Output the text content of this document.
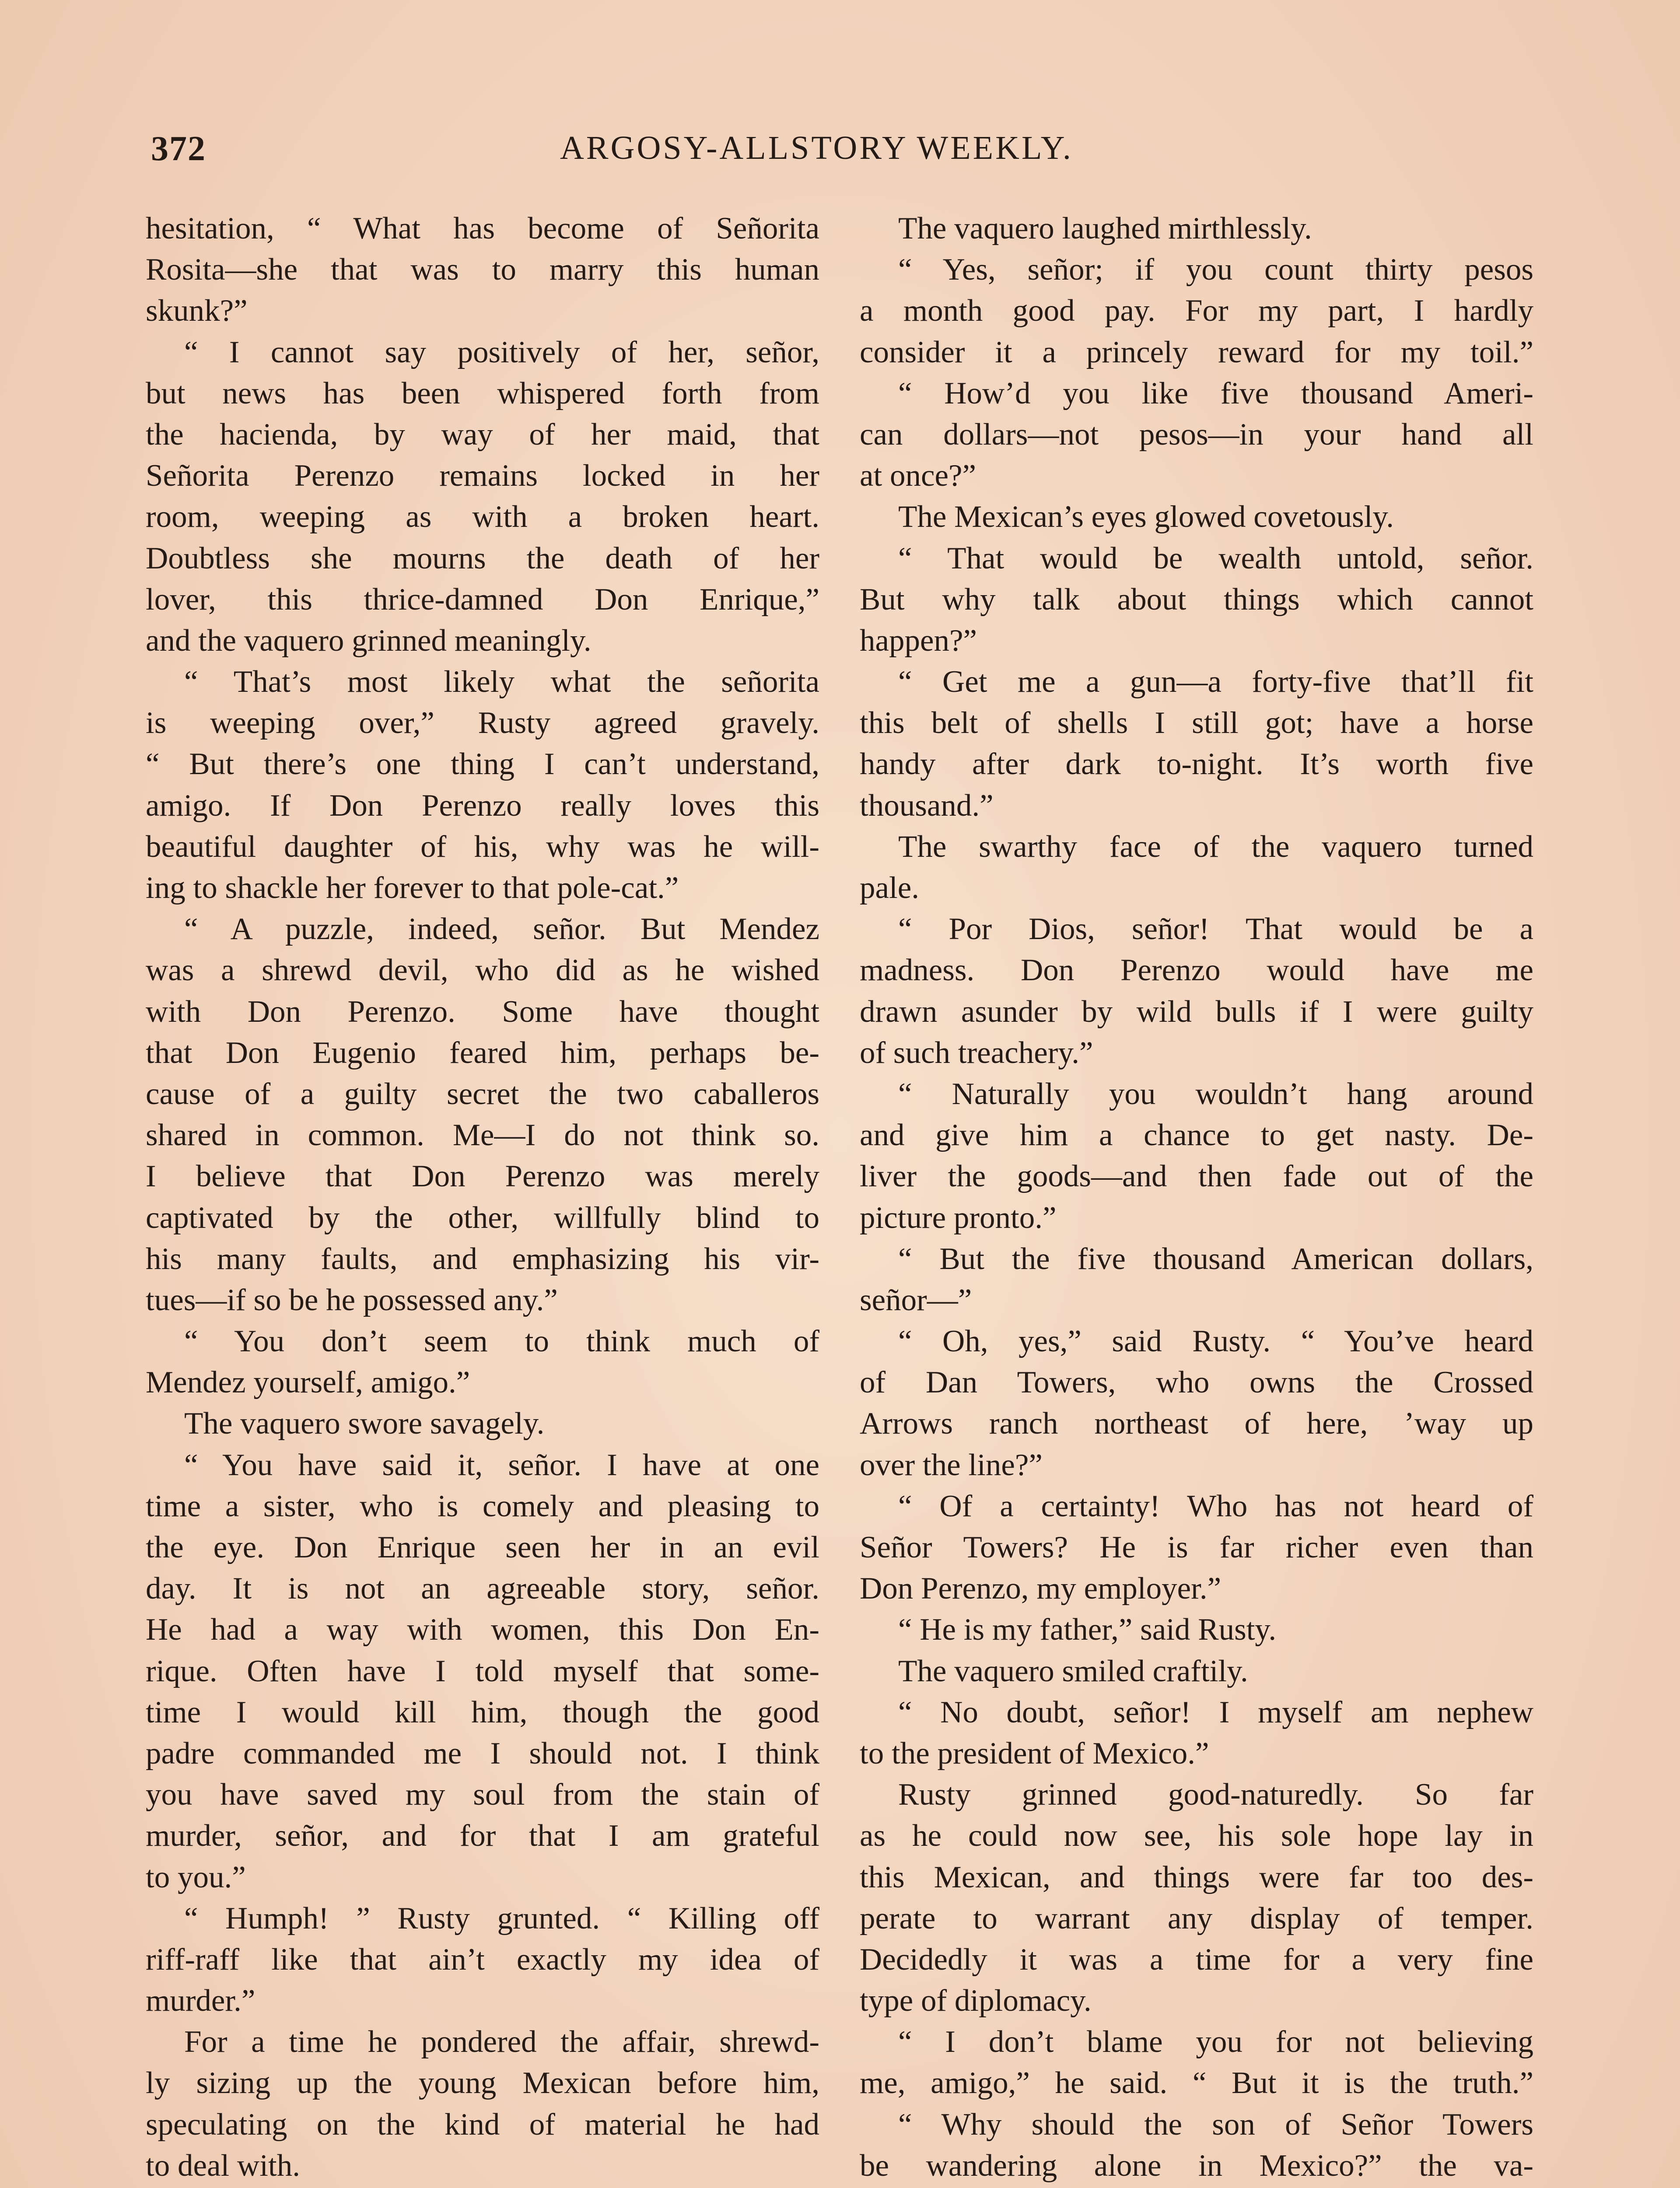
372	ARGOSY-ALLSTORY WEEKLY.
hesitation, “ What has become of Señorita
Rosita—she that was to marry this human
skunk?”
“ I cannot say positively of her, señor,
but news has been whispered forth from
the hacienda, by way of her maid, that
Señorita Perenzo remains locked in her
room, weeping as with a broken heart.
Doubtless she mourns the death of her
lover, this thrice-damned Don Enrique,”
and the vaquero grinned meaningly.
“ That’s most likely what the señorita
is weeping over,” Rusty agreed gravely.
“ But there’s one thing I can’t understand,
amigo. If Don Perenzo really loves this
beautiful daughter of his, why was he will-
ing to shackle her forever to that pole-cat.”
“ A puzzle, indeed, señor. But Mendez
was a shrewd devil, who did as he wished
with Don Perenzo. Some have thought
that Don Eugenio feared him, perhaps be-
cause of a guilty secret the two caballeros
shared in common. Me—I do not think so.
I believe that Don Perenzo was merely
captivated by the other, willfully blind to
his many faults, and emphasizing his vir-
tues—if so be he possessed any.”
“ You don’t seem to think much of
Mendez yourself, amigo.”
The vaquero swore savagely.
“ You have said it, señor. I have at one
time a sister, who is comely and pleasing to
the eye. Don Enrique seen her in an evil
day. It is not an agreeable story, señor.
He had a way with women, this Don En-
rique. Often have I told myself that some-
time I would kill him, though the good
padre commanded me I should not. I think
you have saved my soul from the stain of
murder, señor, and for that I am grateful
to you.”
“ Humph! ” Rusty grunted. “ Killing off
riff-raff like that ain’t exactly my idea of
murder.”
For a time he pondered the affair, shrewd-
ly sizing up the young Mexican before him,
speculating on the kind of material he had
to deal with.
The vaquero laughed mirthlessly.
“ Yes, señor; if you count thirty pesos
a month good pay. For my part, I hardly
consider it a princely reward for my toil.”
“ How’d you like five thousand Ameri-
can dollars—not pesos—in your hand all
at once?”
The Mexican’s eyes glowed covetously.
“ That would be wealth untold, señor.
But why talk about things which cannot
happen?”
“ Get me a gun—a forty-five that’ll fit
this belt of shells I still got; have a horse
handy after dark to-night. It’s worth five
thousand.”
The swarthy face of the vaquero turned
pale.
“ Por Dios, señor! That would be a
madness. Don Perenzo would have me
drawn asunder by wild bulls if I were guilty
of such treachery.”
“ Naturally you wouldn’t hang around
and give him a chance to get nasty. De-
liver the goods—and then fade out of the
picture pronto.”
“ But the five thousand American dollars,
señor—”
“ Oh, yes,” said Rusty. “ You’ve heard
of Dan Towers, who owns the Crossed
Arrows ranch northeast of here, ’way up
over the line?”
“ Of a certainty! Who has not heard of
Señor Towers? He is far richer even than
Don Perenzo, my employer.”
“ He is my father,” said Rusty.
The vaquero smiled craftily.
“ No doubt, señor! I myself am nephew
to the president of Mexico.”
Rusty grinned good-naturedly. So far
as he could now see, his sole hope lay in
this Mexican, and things were far too des-
perate to warrant any display of temper.
Decidedly it was a time for a very fine
type of diplomacy.
“ I don’t blame you for not believing
me, amigo,” he said. “ But it is the truth.”
“ Why should the son of Señor Towers
be wandering alone in Mexico?” the va-
